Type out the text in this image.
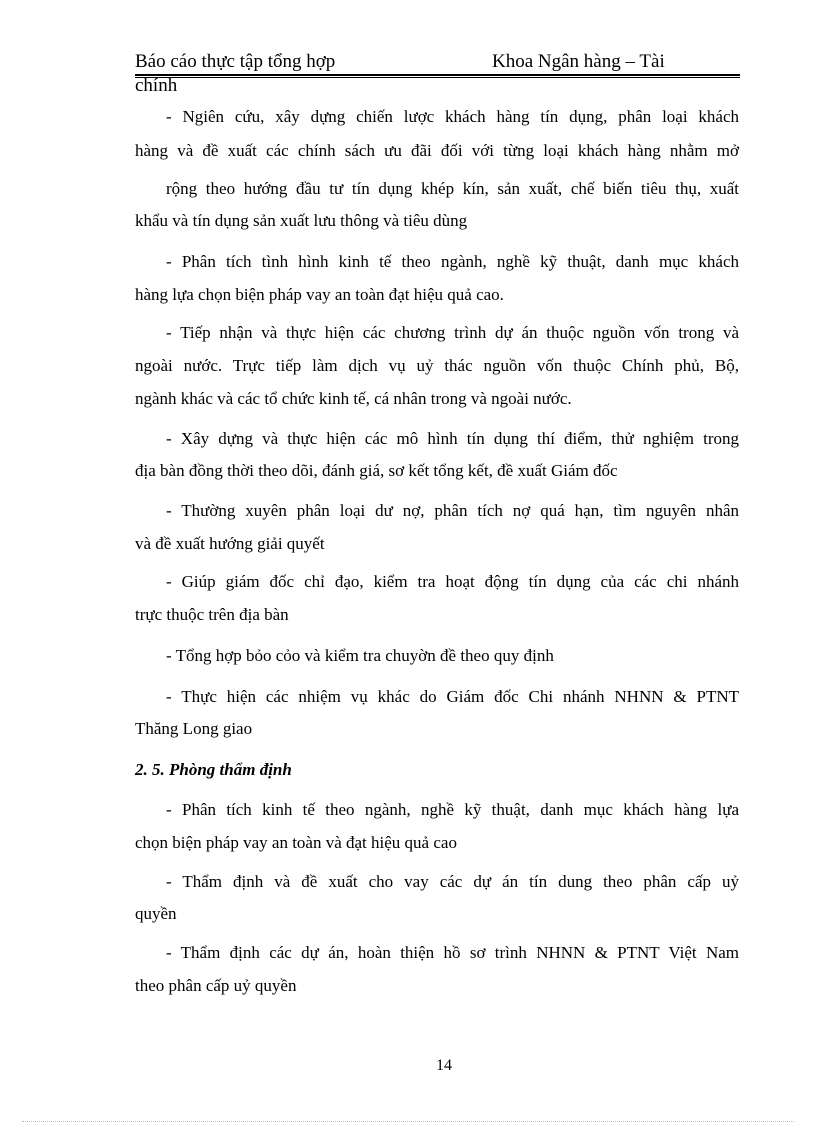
Báo cáo thực tập tổng hợp	Khoa Ngân hàng – Tài
chính
- Ngiên cứu, xây dựng chiến lược khách hàng tín dụng, phân loại khách
hàng và đề xuất các chính sách ưu đãi đối với từng loại khách hàng nhằm mở
rộng theo hướng đầu tư tín dụng khép kín, sản xuất, chế biến tiêu thụ, xuất
khẩu và tín dụng sản xuất lưu thông và tiêu dùng
- Phân tích tình hình kinh tế theo ngành, nghề kỹ thuật, danh mục khách
hàng lựa chọn biện pháp vay an toàn đạt hiệu quả cao.
- Tiếp nhận và thực hiện các chương trình dự án thuộc nguồn vốn trong và
ngoài nước. Trực tiếp làm dịch vụ uỷ thác nguồn vốn thuộc Chính phủ, Bộ,
ngành khác và các tổ chức kinh tế, cá nhân trong và ngoài nước.
- Xây dựng và thực hiện các mô hình tín dụng thí điểm, thử nghiệm trong
địa bàn đồng thời theo dõi, đánh giá, sơ kết tổng kết, đề xuất Giám đốc
- Thường xuyên phân loại dư nợ, phân tích nợ quá hạn, tìm nguyên nhân
và đề xuất hướng giải quyết
- Giúp giám đốc chỉ đạo, kiểm tra hoạt động tín dụng của các chi nhánh
trực thuộc trên địa bàn
- Tổng hợp bỏo cỏo và kiểm tra chuyờn đề theo quy định
- Thực hiện các nhiệm vụ khác do Giám đốc Chi nhánh NHNN & PTNT
Thăng Long giao
2. 5. Phòng thẩm định
- Phân tích kinh tế theo ngành, nghề kỹ thuật, danh mục khách hàng lựa
chọn biện pháp vay an toàn và đạt hiệu quả cao
- Thẩm định và đề xuất cho vay các dự án tín dung theo phân cấp uỷ
quyền
- Thẩm định các dự án, hoàn thiện hồ sơ trình NHNN & PTNT Việt Nam
theo phân cấp uỷ quyền
14
